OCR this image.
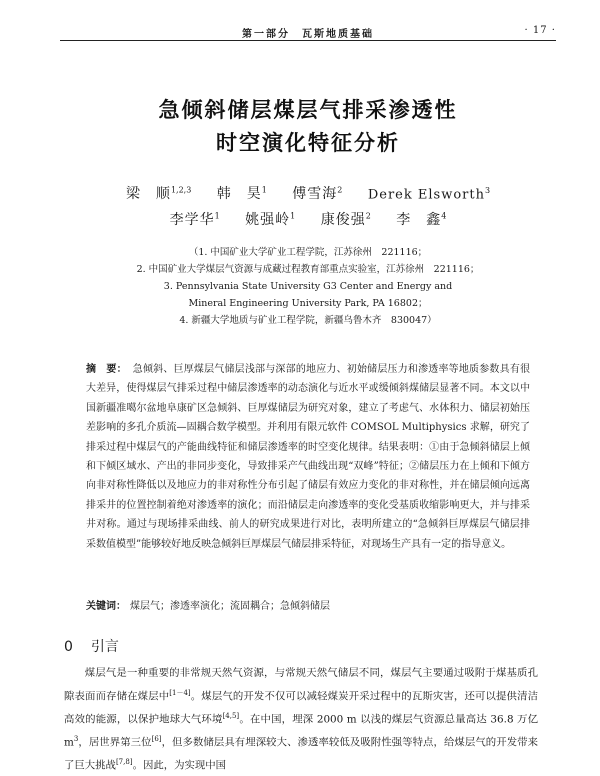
第一部分　瓦斯地质基础	· 17 ·
急倾斜储层煤层气排采渗透性
时空演化特征分析
梁　顺$^{1,2,3}$ 韩　昊$^1$ 傅雪海$^2$ Derek Elsworth$^3$
李学华$^1$ 姚强岭$^1$ 康俊强$^2$ 李　鑫$^4$
（1. 中国矿业大学矿业工程学院，江苏徐州　221116；
2. 中国矿业大学煤层气资源与成藏过程教育部重点实验室，江苏徐州　221116；
3. Pennsylvania State University G3 Center and Energy and
Mineral Engineering University Park, PA 16802；
4. 新疆大学地质与矿业工程学院，新疆乌鲁木齐　830047）
摘　要： 急倾斜、巨厚煤层气储层浅部与深部的地应力、初始储层压力和渗透率等地质参数具有很大差异，使得煤层气排采过程中储层渗透率的动态演化与近水平或缓倾斜煤储层显著不同。本文以中国新疆准噶尔盆地阜康矿区急倾斜、巨厚煤储层为研究对象，建立了考虑气、水体积力、储层初始压差影响的多孔介质流—固耦合数学模型。并利用有限元软件 COMSOL Multiphysics 求解，研究了排采过程中煤层气的产能曲线特征和储层渗透率的时空变化规律。结果表明：①由于急倾斜储层上倾和下倾区域水、产出的非同步变化，导致排采产气曲线出现“双峰”特征；②储层压力在上倾和下倾方向非对称性降低以及地应力的非对称性分布引起了储层有效应力变化的非对称性，并在储层倾向远离排采井的位置控制着绝对渗透率的演化；而沿储层走向渗透率的变化受基质收缩影响更大，并与排采井对称。通过与现场排采曲线、前人的研究成果进行对比，表明所建立的“急倾斜巨厚煤层气储层排采数值模型”能够较好地反映急倾斜巨厚煤层气储层排采特征，对现场生产具有一定的指导意义。
关键词： 煤层气；渗透率演化；流固耦合；急倾斜储层
0 引言
煤层气是一种重要的非常规天然气资源，与常规天然气储层不同，煤层气主要通过吸附于煤基质孔隙表面而存储在煤层中[1－4]。煤层气的开发不仅可以减轻煤炭开采过程中的瓦斯灾害，还可以提供清洁高效的能源，以保护地球大气环境[4,5]。在中国，埋深 2000 m 以浅的煤层气资源总量高达 36.8 万亿 m$^3$，居世界第三位[6]，但多数储层具有埋深较大、渗透率较低及吸附性强等特点，给煤层气的开发带来了巨大挑战[7,8]。因此，为实现中国
